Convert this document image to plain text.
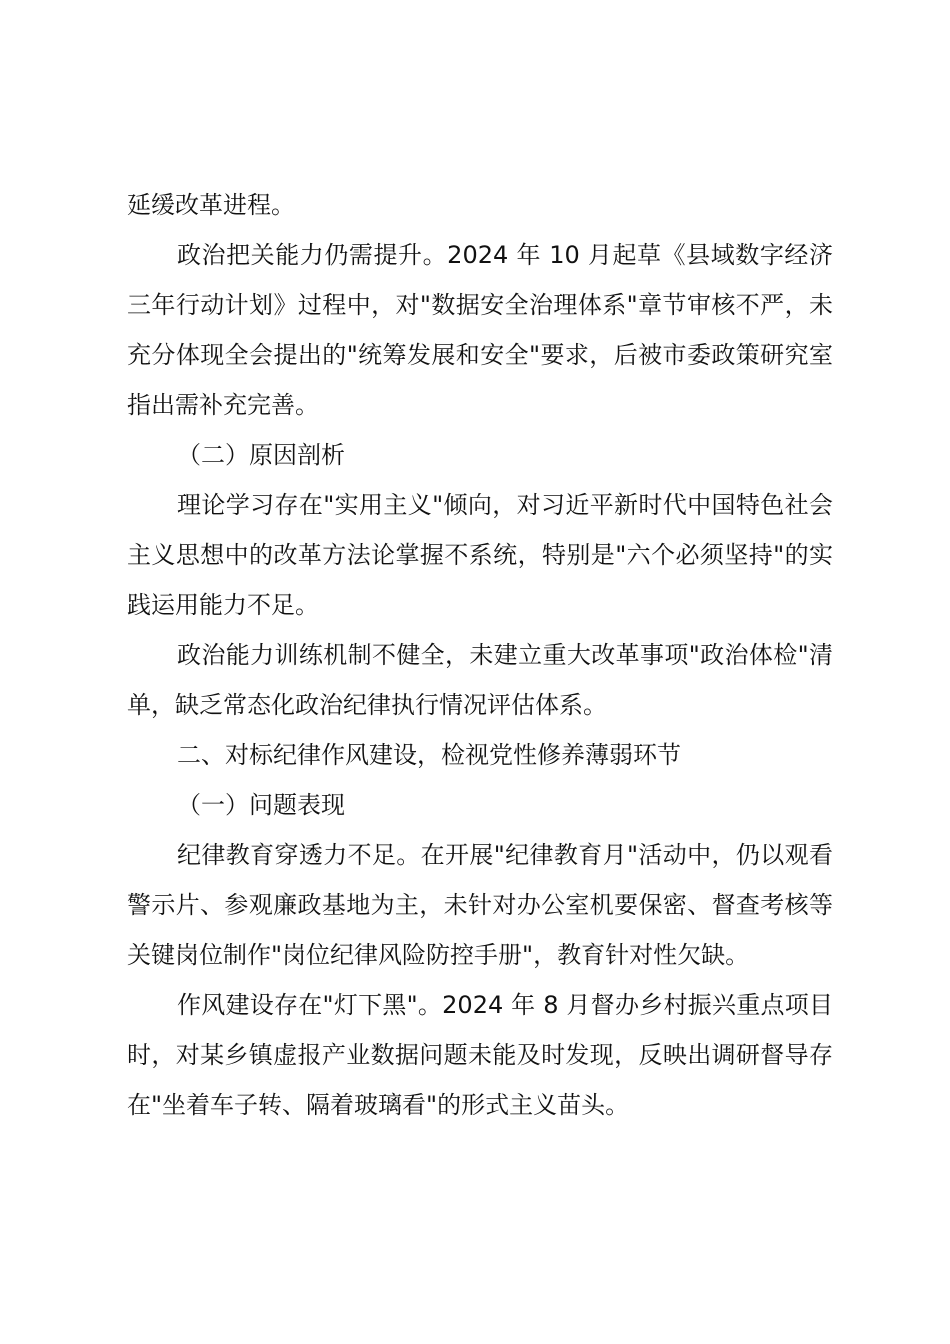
延缓改革进程。

政治把关能力仍需提升。2024 年 10 月起草《县域数字经济三年行动计划》过程中，对"数据安全治理体系"章节审核不严，未充分体现全会提出的"统筹发展和安全"要求，后被市委政策研究室指出需补充完善。

（二）原因剖析

理论学习存在"实用主义"倾向，对习近平新时代中国特色社会主义思想中的改革方法论掌握不系统，特别是"六个必须坚持"的实践运用能力不足。

政治能力训练机制不健全，未建立重大改革事项"政治体检"清单，缺乏常态化政治纪律执行情况评估体系。

二、对标纪律作风建设，检视党性修养薄弱环节

（一）问题表现

纪律教育穿透力不足。在开展"纪律教育月"活动中，仍以观看警示片、参观廉政基地为主，未针对办公室机要保密、督查考核等关键岗位制作"岗位纪律风险防控手册"，教育针对性欠缺。

作风建设存在"灯下黑"。2024 年 8 月督办乡村振兴重点项目时，对某乡镇虚报产业数据问题未能及时发现，反映出调研督导存在"坐着车子转、隔着玻璃看"的形式主义苗头。
